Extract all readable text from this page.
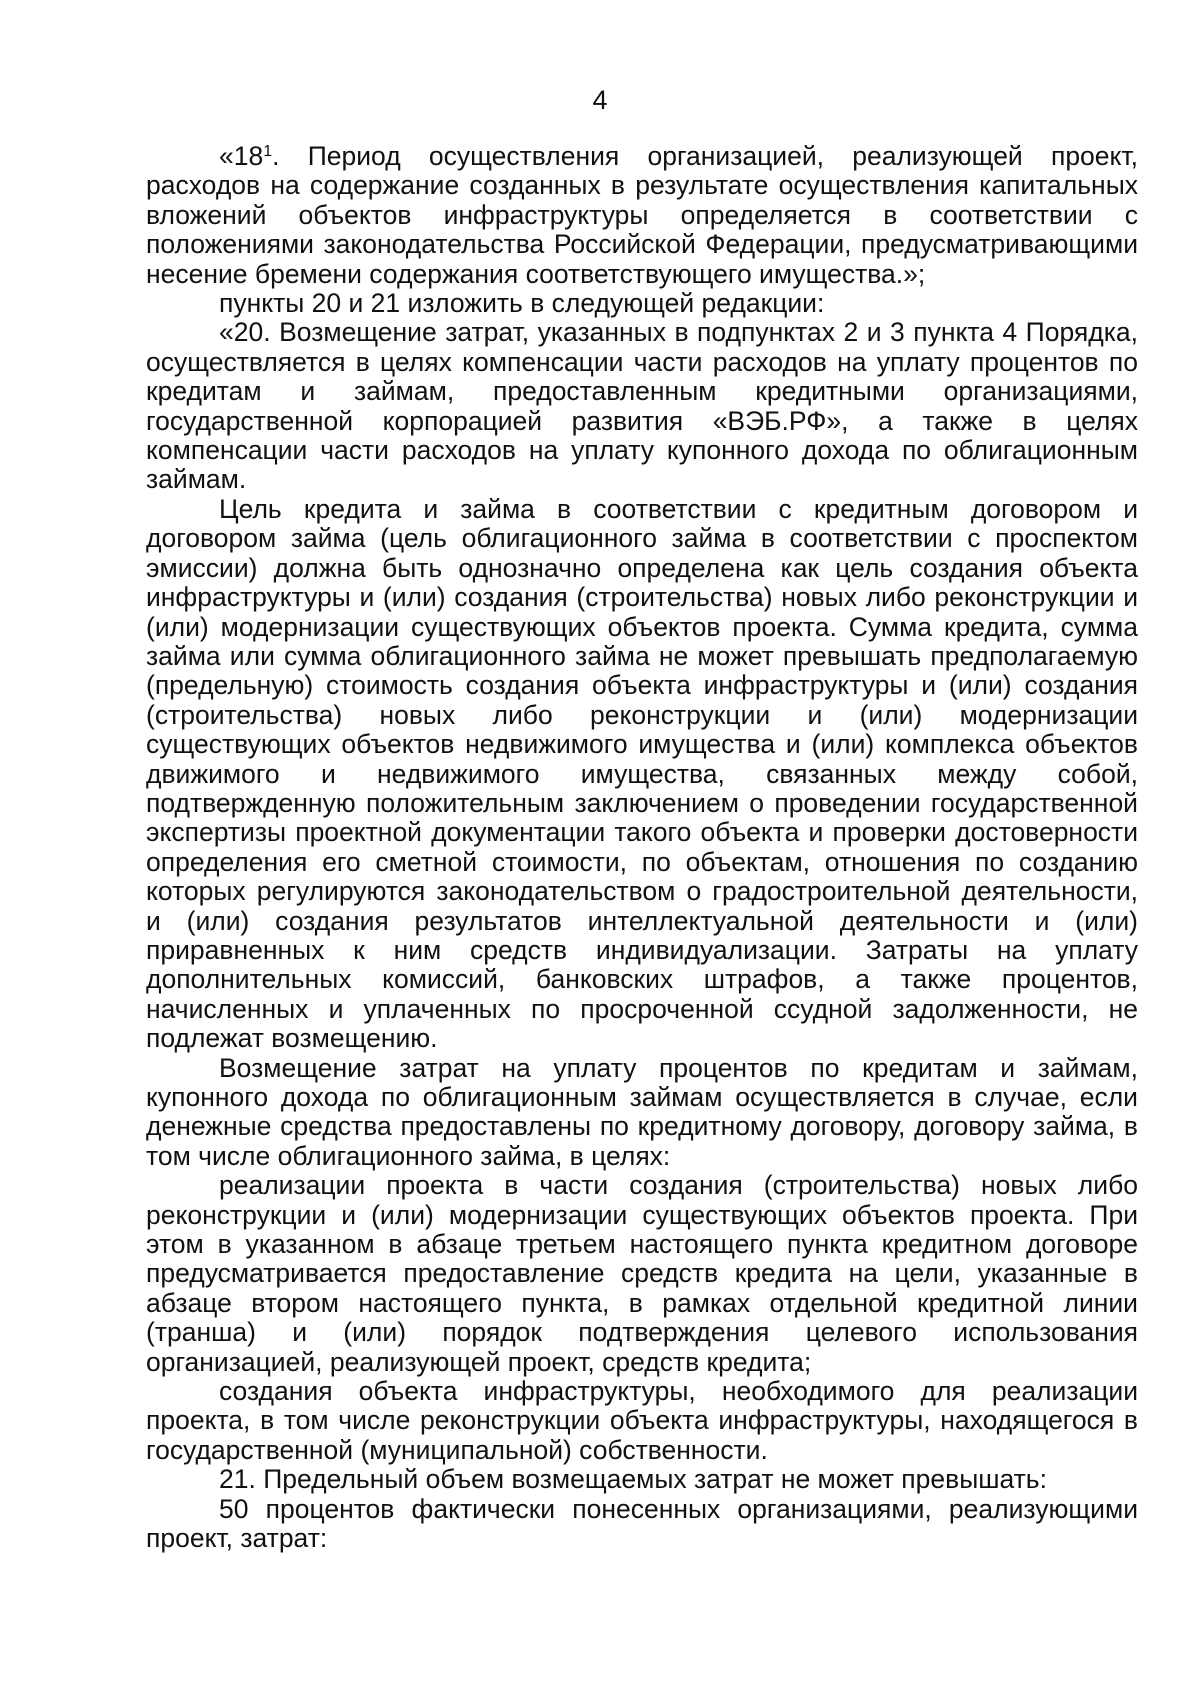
4

«$18^1$. Период осуществления организацией, реализующей проект, расходов на содержание созданных в результате осуществления капитальных вложений объектов инфраструктуры определяется в соответствии с положениями законодательства Российской Федерации, предусматривающими несение бремени содержания соответствующего имущества.»;

пункты 20 и 21 изложить в следующей редакции:

«20. Возмещение затрат, указанных в подпунктах 2 и 3 пункта 4 Порядка, осуществляется в целях компенсации части расходов на уплату процентов по кредитам и займам, предоставленным кредитными организациями, государственной корпорацией развития «ВЭБ.РФ», а также в целях компенсации части расходов на уплату купонного дохода по облигационным займам.

Цель кредита и займа в соответствии с кредитным договором и договором займа (цель облигационного займа в соответствии с проспектом эмиссии) должна быть однозначно определена как цель создания объекта инфраструктуры и (или) создания (строительства) новых либо реконструкции и (или) модернизации существующих объектов проекта. Сумма кредита, сумма займа или сумма облигационного займа не может превышать предполагаемую (предельную) стоимость создания объекта инфраструктуры и (или) создания (строительства) новых либо реконструкции и (или) модернизации существующих объектов недвижимого имущества и (или) комплекса объектов движимого и недвижимого имущества, связанных между собой, подтвержденную положительным заключением о проведении государственной экспертизы проектной документации такого объекта и проверки достоверности определения его сметной стоимости, по объектам, отношения по созданию которых регулируются законодательством о градостроительной деятельности, и (или) создания результатов интеллектуальной деятельности и (или) приравненных к ним средств индивидуализации. Затраты на уплату дополнительных комиссий, банковских штрафов, а также процентов, начисленных и уплаченных по просроченной ссудной задолженности, не подлежат возмещению.

Возмещение затрат на уплату процентов по кредитам и займам, купонного дохода по облигационным займам осуществляется в случае, если денежные средства предоставлены по кредитному договору, договору займа, в том числе облигационного займа, в целях:

реализации проекта в части создания (строительства) новых либо реконструкции и (или) модернизации существующих объектов проекта. При этом в указанном в абзаце третьем настоящего пункта кредитном договоре предусматривается предоставление средств кредита на цели, указанные в абзаце втором настоящего пункта, в рамках отдельной кредитной линии (транша) и (или) порядок подтверждения целевого использования организацией, реализующей проект, средств кредита;

создания объекта инфраструктуры, необходимого для реализации проекта, в том числе реконструкции объекта инфраструктуры, находящегося в государственной (муниципальной) собственности.

21. Предельный объем возмещаемых затрат не может превышать:

50 процентов фактически понесенных организациями, реализующими проект, затрат:
